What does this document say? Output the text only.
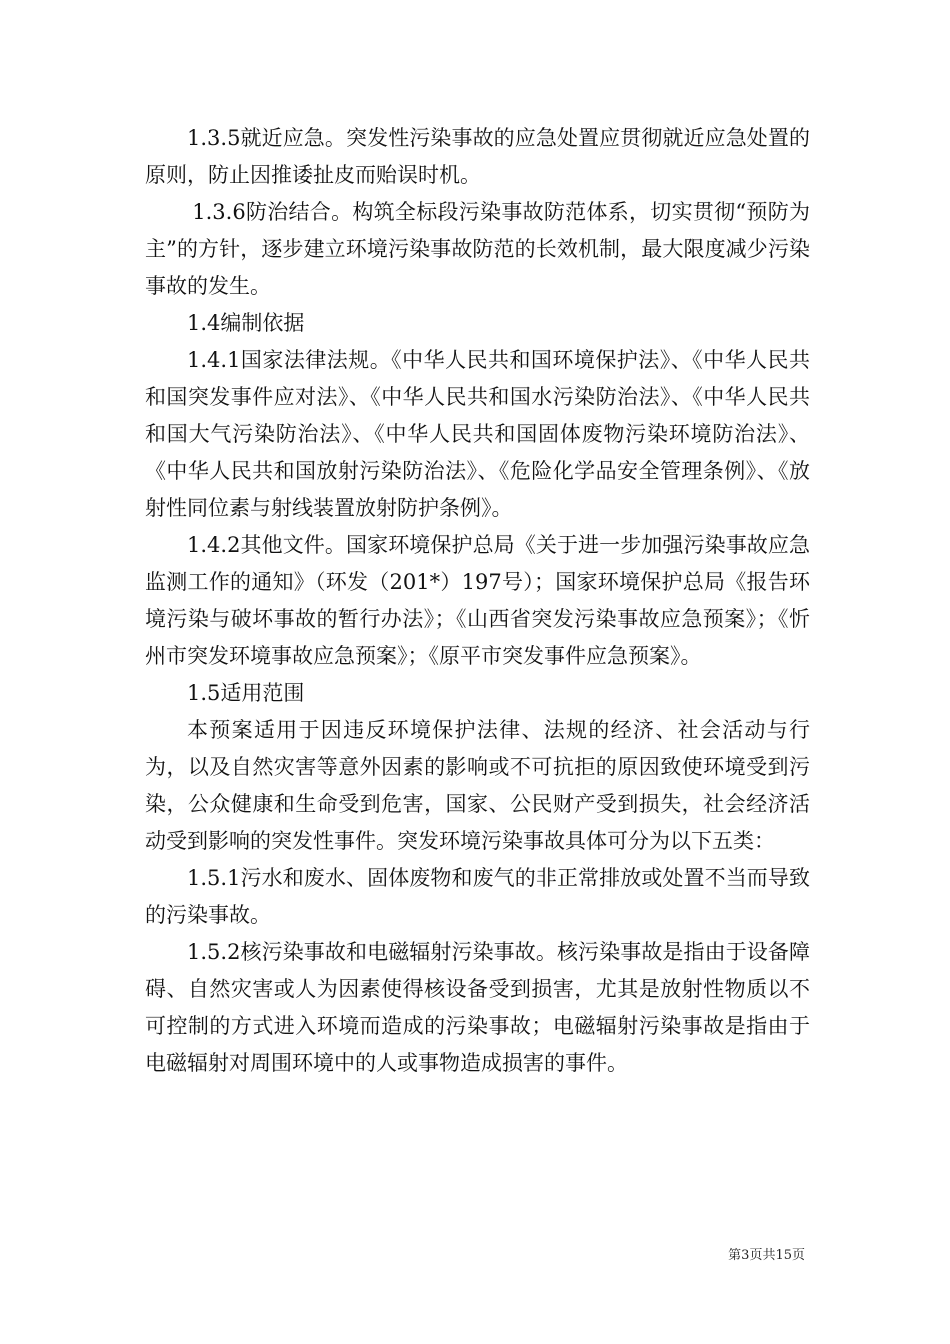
1.3.5就近应急。突发性污染事故的应急处置应贯彻就近应急处置的原则，防止因推诿扯皮而贻误时机。

1.3.6防治结合。构筑全标段污染事故防范体系，切实贯彻“预防为主”的方针，逐步建立环境污染事故防范的长效机制，最大限度减少污染事故的发生。

1.4编制依据

1.4.1国家法律法规。《中华人民共和国环境保护法》、《中华人民共和国突发事件应对法》、《中华人民共和国水污染防治法》、《中华人民共和国大气污染防治法》、《中华人民共和国固体废物污染环境防治法》、《中华人民共和国放射污染防治法》、《危险化学品安全管理条例》、《放射性同位素与射线装置放射防护条例》。

1.4.2其他文件。国家环境保护总局《关于进一步加强污染事故应急监测工作的通知》（环发（201*）197号）；国家环境保护总局《报告环境污染与破坏事故的暂行办法》；《山西省突发污染事故应急预案》；《忻州市突发环境事故应急预案》；《原平市突发事件应急预案》。

1.5适用范围

本预案适用于因违反环境保护法律、法规的经济、社会活动与行为，以及自然灾害等意外因素的影响或不可抗拒的原因致使环境受到污染，公众健康和生命受到危害，国家、公民财产受到损失，社会经济活动受到影响的突发性事件。突发环境污染事故具体可分为以下五类：

1.5.1污水和废水、固体废物和废气的非正常排放或处置不当而导致的污染事故。

1.5.2核污染事故和电磁辐射污染事故。核污染事故是指由于设备障碍、自然灾害或人为因素使得核设备受到损害，尤其是放射性物质以不可控制的方式进入环境而造成的污染事故；电磁辐射污染事故是指由于电磁辐射对周围环境中的人或事物造成损害的事件。

第3页共15页
